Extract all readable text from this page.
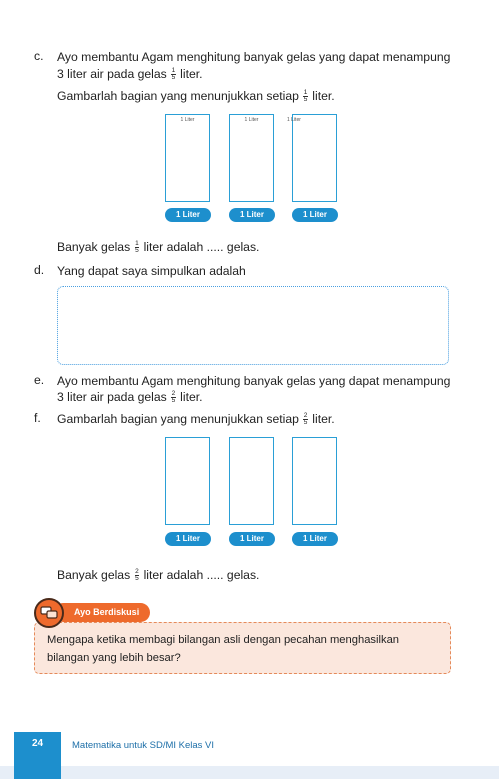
c. Ayo membantu Agam menghitung banyak gelas yang dapat menampung
3 liter air pada gelas $\frac{1}{5}$ liter.
Gambarlah bagian yang menunjukkan setiap $\frac{1}{5}$ liter.
1 Liter	1 Liter	1 Liter
1 Liter	1 Liter	1 Liter
Banyak gelas $\frac{1}{5}$ liter adalah ..... gelas.
d. Yang dapat saya simpulkan adalah
e. Ayo membantu Agam menghitung banyak gelas yang dapat menampung
3 liter air pada gelas $\frac{2}{5}$ liter.
f. Gambarlah bagian yang menunjukkan setiap $\frac{2}{5}$ liter.
1 Liter	1 Liter	1 Liter
Banyak gelas $\frac{2}{5}$ liter adalah ..... gelas.
Mengapa ketika membagi bilangan asli dengan pecahan menghasilkan bilangan yang lebih besar?
Ayo Berdiskusi
24	Matematika untuk SD/MI Kelas VI
